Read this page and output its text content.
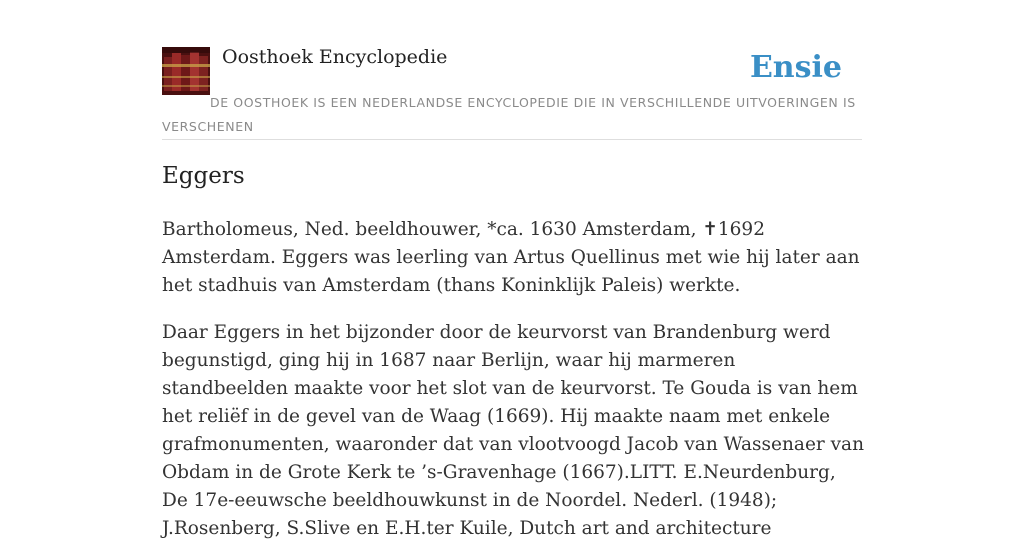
Oosthoek Encyclopedie	Ensie
DE OOSTHOEK IS EEN NEDERLANDSE ENCYCLOPEDIE DIE IN VERSCHILLENDE UITVOERINGEN IS VERSCHENEN
Eggers

Bartholomeus, Ned. beeldhouwer, *ca. 1630 Amsterdam, ✝1692 Amsterdam. Eggers was leerling van Artus Quellinus met wie hij later aan het stadhuis van Amsterdam (thans Koninklijk Paleis) werkte.

Daar Eggers in het bijzonder door de keurvorst van Brandenburg werd begunstigd, ging hij in 1687 naar Berlijn, waar hij marmeren standbeelden maakte voor het slot van de keurvorst. Te Gouda is van hem het reliëf in de gevel van de Waag (1669). Hij maakte naam met enkele grafmonumenten, waaronder dat van vlootvoogd Jacob van Wassenaer van Obdam in de Grote Kerk te ’s-Gravenhage (1667).LITT. E.Neurdenburg, De 17e-eeuwsche beeldhouwkunst in de Noordel. Nederl. (1948); J.Rosenberg, S.Slive en E.H.ter Kuile, Dutch art and architecture
